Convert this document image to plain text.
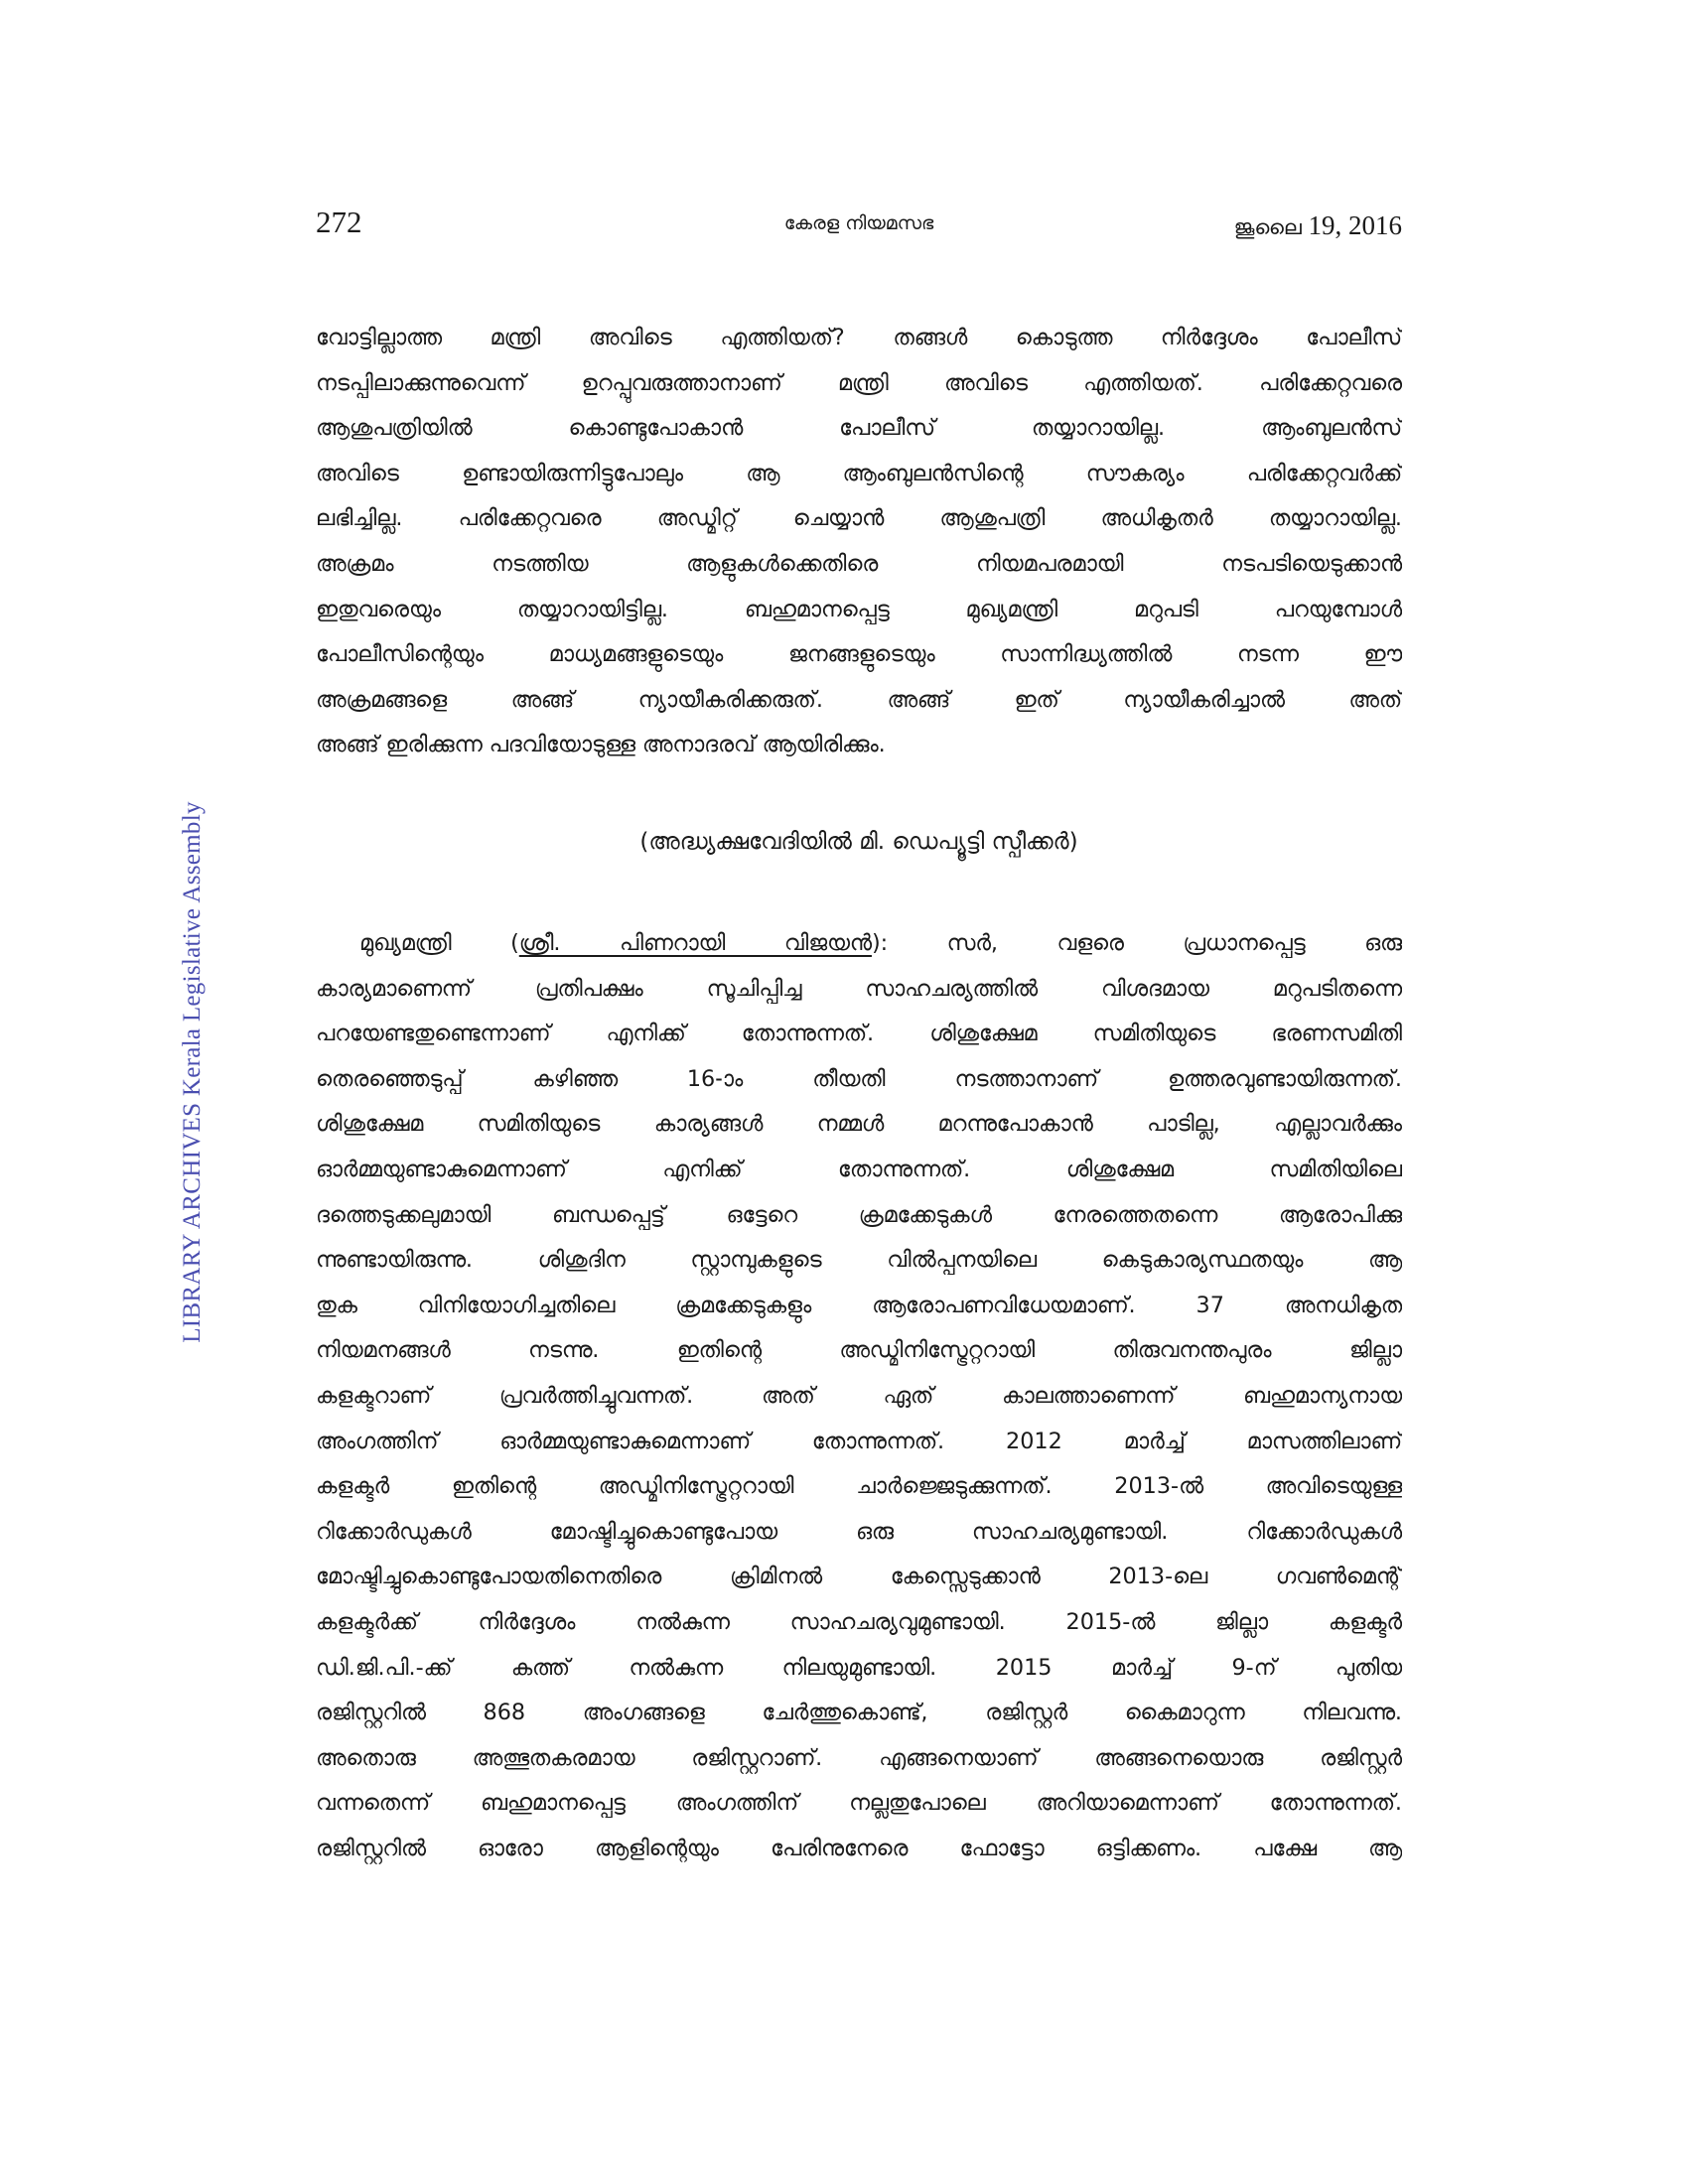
272	കേരള നിയമസഭ	ജൂലൈ 19, 2016
LIBRARY ARCHIVES Kerala Legislative Assembly
വോട്ടില്ലാത്ത മന്ത്രി അവിടെ എത്തിയത്? തങ്ങൾ കൊടുത്ത നിർദ്ദേശം പോലീസ്
നടപ്പിലാക്കുന്നുവെന്ന് ഉറപ്പുവരുത്താനാണ് മന്ത്രി അവിടെ എത്തിയത്. പരിക്കേറ്റവരെ
ആശുപത്രിയിൽ കൊണ്ടുപോകാൻ പോലീസ് തയ്യാറായില്ല. ആംബുലൻസ്
അവിടെ ഉണ്ടായിരുന്നിട്ടുപോലും ആ ആംബുലൻസിന്റെ സൗകര്യം പരിക്കേറ്റവർക്ക്
ലഭിച്ചില്ല. പരിക്കേറ്റവരെ അഡ്മിറ്റ് ചെയ്യാൻ ആശുപത്രി അധികൃതർ തയ്യാറായില്ല.
അക്രമം നടത്തിയ ആളുകൾക്കെതിരെ നിയമപരമായി നടപടിയെടുക്കാൻ
ഇതുവരെയും തയ്യാറായിട്ടില്ല. ബഹുമാനപ്പെട്ട മുഖ്യമന്ത്രി മറുപടി പറയുമ്പോൾ
പോലീസിന്റെയും മാധ്യമങ്ങളുടെയും ജനങ്ങളുടെയും സാന്നിദ്ധ്യത്തിൽ നടന്ന ഈ
അക്രമങ്ങളെ അങ്ങ് ന്യായീകരിക്കരുത്. അങ്ങ് ഇത് ന്യായീകരിച്ചാൽ അത്
അങ്ങ് ഇരിക്കുന്ന പദവിയോടുള്ള അനാദരവ് ആയിരിക്കും.
(അദ്ധ്യക്ഷവേദിയിൽ മി. ഡെപ്യൂട്ടി സ്പീക്കർ)
മുഖ്യമന്ത്രി (ശ്രീ. പിണറായി വിജയൻ): സർ, വളരെ പ്രധാനപ്പെട്ട ഒരു
കാര്യമാണെന്ന് പ്രതിപക്ഷം സൂചിപ്പിച്ച സാഹചര്യത്തിൽ വിശദമായ മറുപടിതന്നെ
പറയേണ്ടതുണ്ടെന്നാണ് എനിക്ക് തോന്നുന്നത്. ശിശുക്ഷേമ സമിതിയുടെ ഭരണസമിതി
തെരഞ്ഞെടുപ്പ് കഴിഞ്ഞ 16-ാം തീയതി നടത്താനാണ് ഉത്തരവുണ്ടായിരുന്നത്.
ശിശുക്ഷേമ സമിതിയുടെ കാര്യങ്ങൾ നമ്മൾ മറന്നുപോകാൻ പാടില്ല, എല്ലാവർക്കും
ഓർമ്മയുണ്ടാകുമെന്നാണ് എനിക്ക് തോന്നുന്നത്. ശിശുക്ഷേമ സമിതിയിലെ
ദത്തെടുക്കലുമായി ബന്ധപ്പെട്ട് ഒട്ടേറെ ക്രമക്കേടുകൾ നേരത്തെതന്നെ ആരോപിക്കു
ന്നുണ്ടായിരുന്നു. ശിശുദിന സ്റ്റാമ്പുകളുടെ വിൽപ്പനയിലെ കെടുകാര്യസ്ഥതയും ആ
തുക വിനിയോഗിച്ചതിലെ ക്രമക്കേടുകളും ആരോപണവിധേയമാണ്. 37 അനധികൃത
നിയമനങ്ങൾ നടന്നു. ഇതിന്റെ അഡ്മിനിസ്ട്രേറ്ററായി തിരുവനന്തപുരം ജില്ലാ
കളക്ടറാണ് പ്രവർത്തിച്ചുവന്നത്. അത് ഏത് കാലത്താണെന്ന് ബഹുമാന്യനായ
അംഗത്തിന് ഓർമ്മയുണ്ടാകുമെന്നാണ് തോന്നുന്നത്. 2012 മാർച്ച് മാസത്തിലാണ്
കളക്ടർ ഇതിന്റെ അഡ്മിനിസ്ട്രേറ്ററായി ചാർജ്ജെടുക്കുന്നത്. 2013-ൽ അവിടെയുള്ള
റിക്കോർഡുകൾ മോഷ്ടിച്ചുകൊണ്ടുപോയ ഒരു സാഹചര്യമുണ്ടായി. റിക്കോർഡുകൾ
മോഷ്ടിച്ചുകൊണ്ടുപോയതിനെതിരെ ക്രിമിനൽ കേസ്സെടുക്കാൻ 2013-ലെ ഗവൺമെന്റ്
കളക്ടർക്ക് നിർദ്ദേശം നൽകുന്ന സാഹചര്യവുമുണ്ടായി. 2015-ൽ ജില്ലാ കളക്ടർ
ഡി.ജി.പി.-ക്ക് കത്ത് നൽകുന്ന നിലയുമുണ്ടായി. 2015 മാർച്ച് 9-ന് പുതിയ
രജിസ്റ്ററിൽ 868 അംഗങ്ങളെ ചേർത്തുകൊണ്ട്, രജിസ്റ്റർ കൈമാറുന്ന നിലവന്നു.
അതൊരു അത്ഭുതകരമായ രജിസ്റ്ററാണ്. എങ്ങനെയാണ് അങ്ങനെയൊരു രജിസ്റ്റർ
വന്നതെന്ന് ബഹുമാനപ്പെട്ട അംഗത്തിന് നല്ലതുപോലെ അറിയാമെന്നാണ് തോന്നുന്നത്.
രജിസ്റ്ററിൽ ഓരോ ആളിന്റെയും പേരിനുനേരെ ഫോട്ടോ ഒട്ടിക്കണം. പക്ഷേ ആ
